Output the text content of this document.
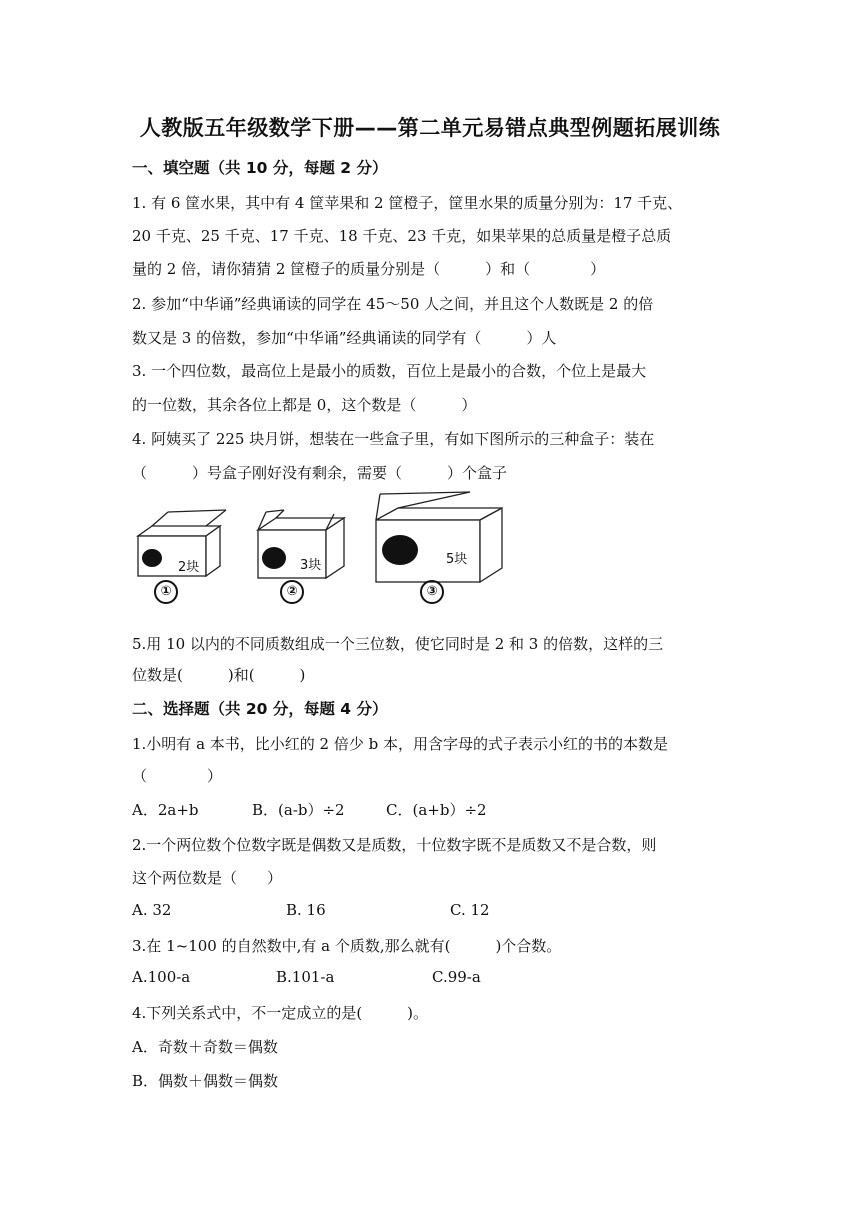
人教版五年级数学下册——第二单元易错点典型例题拓展训练
一、填空题（共 10 分，每题 2 分）
1. 有 6 筐水果，其中有 4 筐苹果和 2 筐橙子，筐里水果的质量分别为：17 千克、
20 千克、25 千克、17 千克、18 千克、23 千克，如果苹果的总质量是橙子总质
量的 2 倍，请你猜猜 2 筐橙子的质量分别是（　　　）和（　　　　）
2. 参加“中华诵”经典诵读的同学在 45～50 人之间，并且这个人数既是 2 的倍
数又是 3 的倍数，参加“中华诵”经典诵读的同学有（　　　）人
3. 一个四位数，最高位上是最小的质数，百位上是最小的合数，个位上是最大
的一位数，其余各位上都是 0，这个数是（　　　）
4. 阿姨买了 225 块月饼，想装在一些盒子里，有如下图所示的三种盒子：装在
（　　　）号盒子刚好没有剩余，需要（　　　）个盒子
2块	3块	5块
①	②	③
5.用 10 以内的不同质数组成一个三位数，使它同时是 2 和 3 的倍数，这样的三
位数是(　　　)和(　　　)
二、选择题（共 20 分，每题 4 分）
1.小明有 a 本书，比小红的 2 倍少 b 本，用含字母的式子表示小红的书的本数是
（　　　　）
A．2a+b	B．(a-b）÷2	C．(a+b）÷2
2.一个两位数个位数字既是偶数又是质数，十位数字既不是质数又不是合数，则
这个两位数是（　　）
A. 32	B. 16	C. 12
3.在 1~100 的自然数中,有 a 个质数,那么就有(　　　)个合数。
A.100-a	B.101-a	C.99-a
4.下列关系式中，不一定成立的是(　　　)。
A．奇数＋奇数＝偶数
B．偶数＋偶数＝偶数
